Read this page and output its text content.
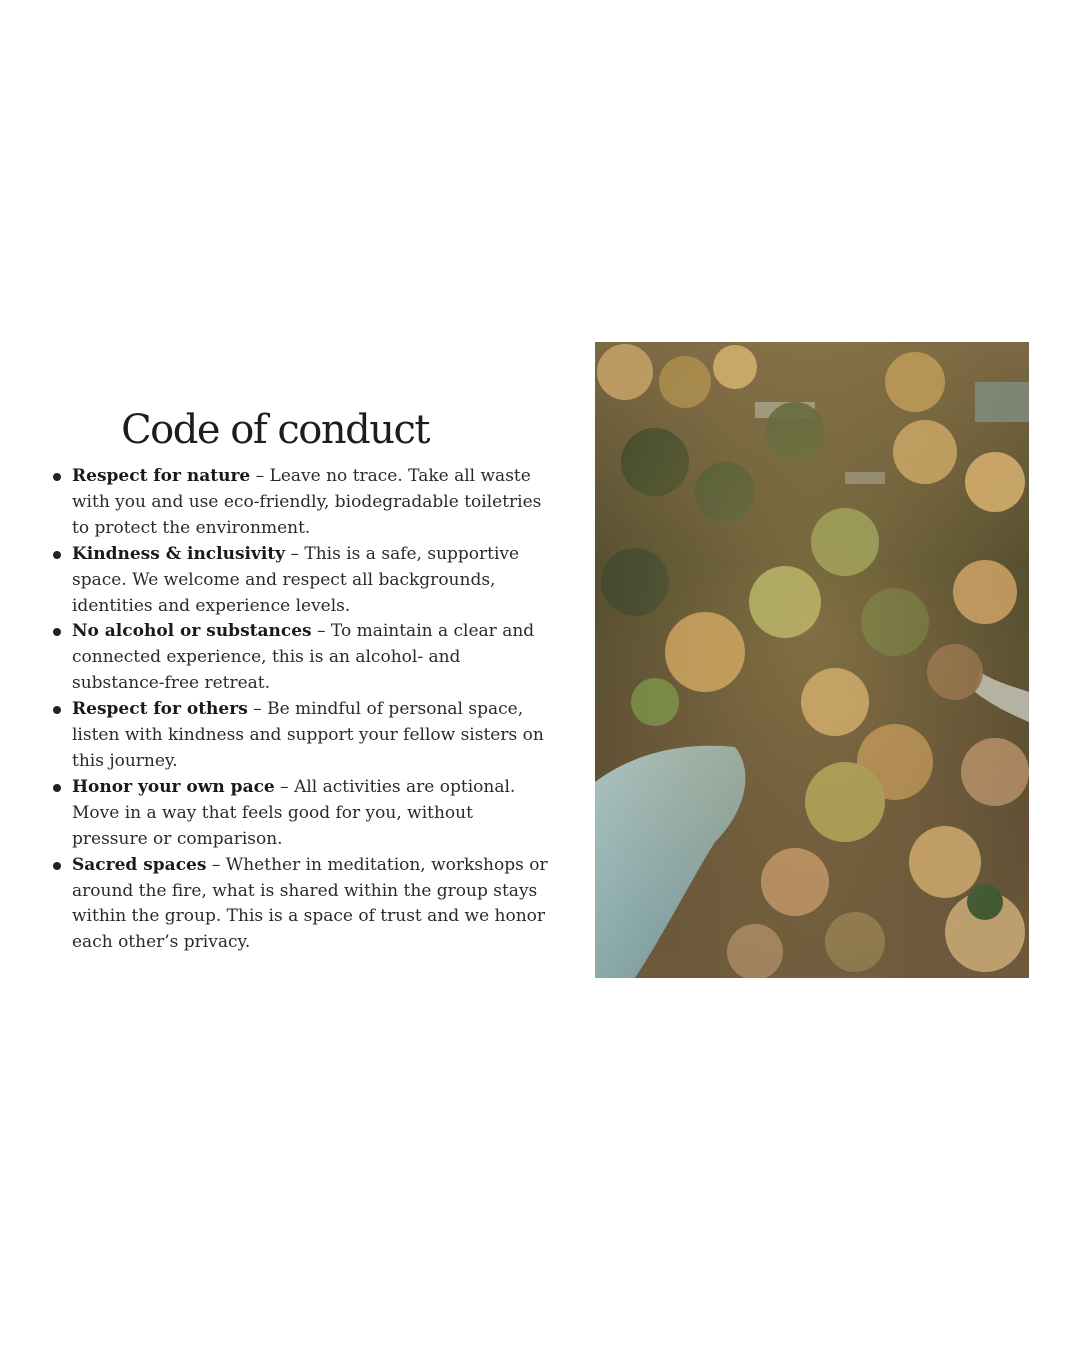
Code of conduct
Respect for nature – Leave no trace. Take all waste with you and use eco-friendly, biodegradable toiletries to protect the environment.
Kindness & inclusivity – This is a safe, supportive space. We welcome and respect all backgrounds, identities and experience levels.
No alcohol or substances – To maintain a clear and connected experience, this is an alcohol- and substance-free retreat.
Respect for others – Be mindful of personal space, listen with kindness and support your fellow sisters on this journey.
Honor your own pace – All activities are optional. Move in a way that feels good for you, without pressure or comparison.
Sacred spaces – Whether in meditation, workshops or around the fire, what is shared within the group stays within the group. This is a space of trust and we honor each other’s privacy.
